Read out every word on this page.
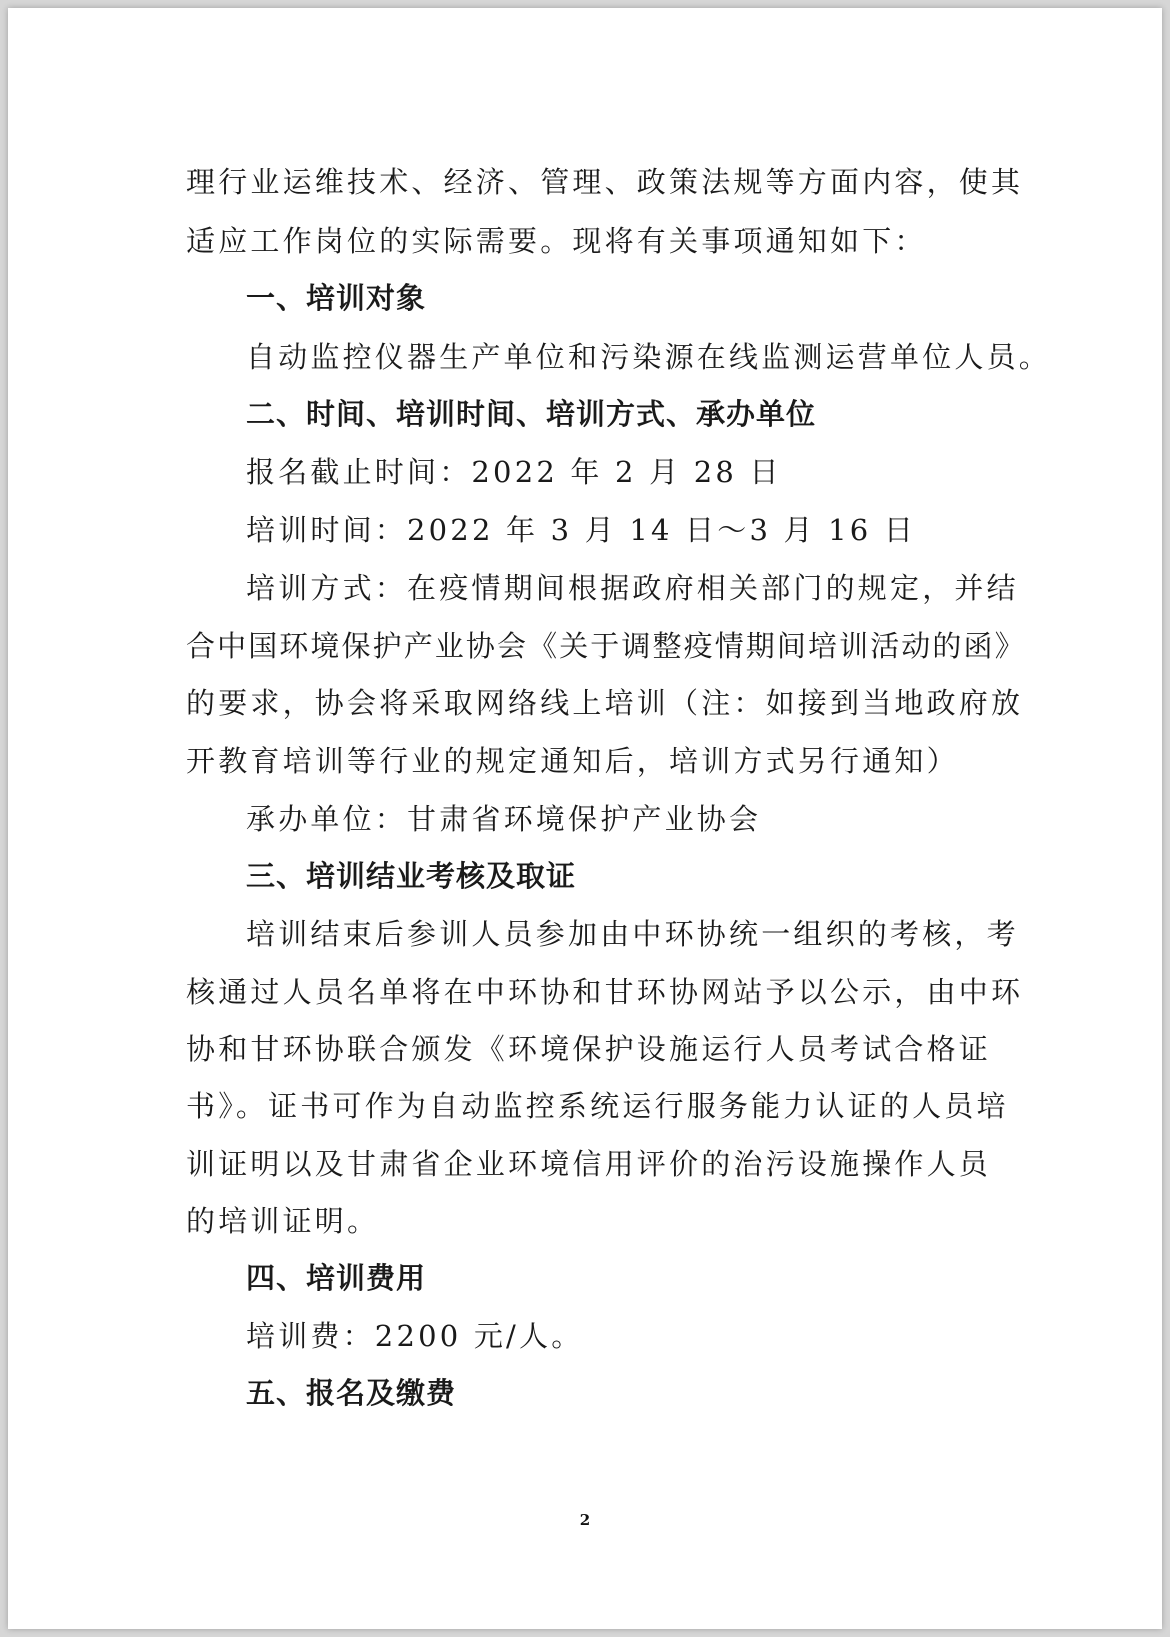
理行业运维技术、经济、管理、政策法规等方面内容，使其
适应工作岗位的实际需要。现将有关事项通知如下：
一、培训对象
自动监控仪器生产单位和污染源在线监测运营单位人员。
二、时间、培训时间、培训方式、承办单位
报名截止时间：2022 年 2 月 28 日
培训时间：2022 年 3 月 14 日～3 月 16 日
培训方式：在疫情期间根据政府相关部门的规定，并结
合中国环境保护产业协会《关于调整疫情期间培训活动的函》
的要求，协会将采取网络线上培训（注：如接到当地政府放
开教育培训等行业的规定通知后，培训方式另行通知）
承办单位：甘肃省环境保护产业协会
三、培训结业考核及取证
培训结束后参训人员参加由中环协统一组织的考核，考
核通过人员名单将在中环协和甘环协网站予以公示，由中环
协和甘环协联合颁发《环境保护设施运行人员考试合格证
书》。证书可作为自动监控系统运行服务能力认证的人员培
训证明以及甘肃省企业环境信用评价的治污设施操作人员
的培训证明。
四、培训费用
培训费：2200 元/人。
五、报名及缴费
2
